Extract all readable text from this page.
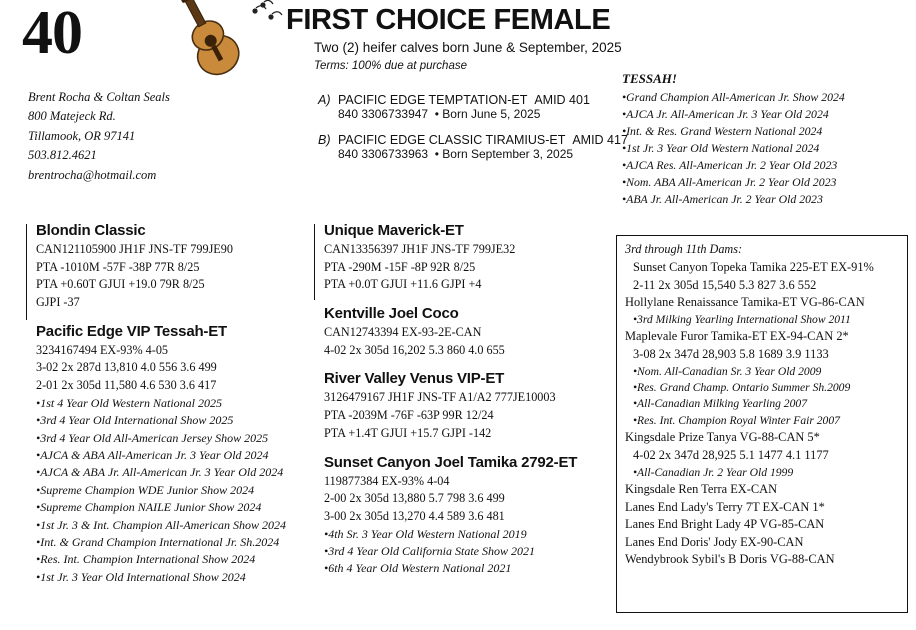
40	FIRST CHOICE FEMALE
Two (2) heifer calves born June & September, 2025
Terms: 100% due at purchase
Brent Rocha & Coltan Seals
800 Matejeck Rd.
Tillamook, OR 97141
503.812.4621
brentrocha@hotmail.com
A) PACIFIC EDGE TEMPTATION-ET AMID 401
840 3306733947  • Born June 5, 2025
B) PACIFIC EDGE CLASSIC TIRAMIUS-ET AMID 417
840 3306733963  • Born September 3, 2025
TESSAH!
•Grand Champion All-American Jr. Show 2024
•AJCA Jr. All-American Jr. 3 Year Old 2024
•Int. & Res. Grand Western National 2024
•1st Jr. 3 Year Old Western National 2024
•AJCA Res. All-American Jr. 2 Year Old 2023
•Nom. ABA All-American Jr. 2 Year Old 2023
•ABA Jr. All-American Jr. 2 Year Old 2023
Blondin Classic
CAN121105900 JH1F JNS-TF 799JE90
PTA -1010M -57F -38P 77R 8/25
PTA +0.60T GJUI +19.0 79R 8/25
GJPI -37
Pacific Edge VIP Tessah-ET
3234167494 EX-93% 4-05
3-02 2x 287d 13,810 4.0 556 3.6 499
2-01 2x 305d 11,580 4.6 530 3.6 417
•1st 4 Year Old Western National 2025
•3rd 4 Year Old International Show 2025
•3rd 4 Year Old All-American Jersey Show 2025
•AJCA & ABA All-American Jr. 3 Year Old 2024
•AJCA & ABA Jr. All-American Jr. 3 Year Old 2024
•Supreme Champion WDE Junior Show 2024
•Supreme Champion NAILE Junior Show 2024
•1st Jr. 3 & Int. Champion All-American Show 2024
•Int. & Grand Champion International Jr. Sh.2024
•Res. Int. Champion International Show 2024
•1st Jr. 3 Year Old International Show 2024
Unique Maverick-ET
CAN13356397 JH1F JNS-TF 799JE32
PTA -290M -15F -8P 92R 8/25
PTA +0.0T GJUI +11.6 GJPI +4
Kentville Joel Coco
CAN12743394 EX-93-2E-CAN
4-02 2x 305d 16,202 5.3 860 4.0 655
River Valley Venus VIP-ET
3126479167 JH1F JNS-TF A1/A2 777JE10003
PTA -2039M -76F -63P 99R 12/24
PTA +1.4T GJUI +15.7 GJPI -142
Sunset Canyon Joel Tamika 2792-ET
119877384 EX-93% 4-04
2-00 2x 305d 13,880 5.7 798 3.6 499
3-00 2x 305d 13,270 4.4 589 3.6 481
•4th Sr. 3 Year Old Western National 2019
•3rd 4 Year Old California State Show 2021
•6th 4 Year Old Western National 2021
3rd through 11th Dams:
Sunset Canyon Topeka Tamika 225-ET EX-91%
2-11 2x 305d 15,540 5.3 827 3.6 552
Hollylane Renaissance Tamika-ET VG-86-CAN
•3rd Milking Yearling International Show 2011
Maplevale Furor Tamika-ET EX-94-CAN 2*
3-08 2x 347d 28,903 5.8 1689 3.9 1133
•Nom. All-Canadian Sr. 3 Year Old 2009
•Res. Grand Champ. Ontario Summer Sh.2009
•All-Canadian Milking Yearling 2007
•Res. Int. Champion Royal Winter Fair 2007
Kingsdale Prize Tanya VG-88-CAN 5*
4-02 2x 347d 28,925 5.1 1477 4.1 1177
•All-Canadian Jr. 2 Year Old 1999
Kingsdale Ren Terra EX-CAN
Lanes End Lady's Terry 7T EX-CAN 1*
Lanes End Bright Lady 4P VG-85-CAN
Lanes End Doris' Jody EX-90-CAN
Wendybrook Sybil's B Doris VG-88-CAN
